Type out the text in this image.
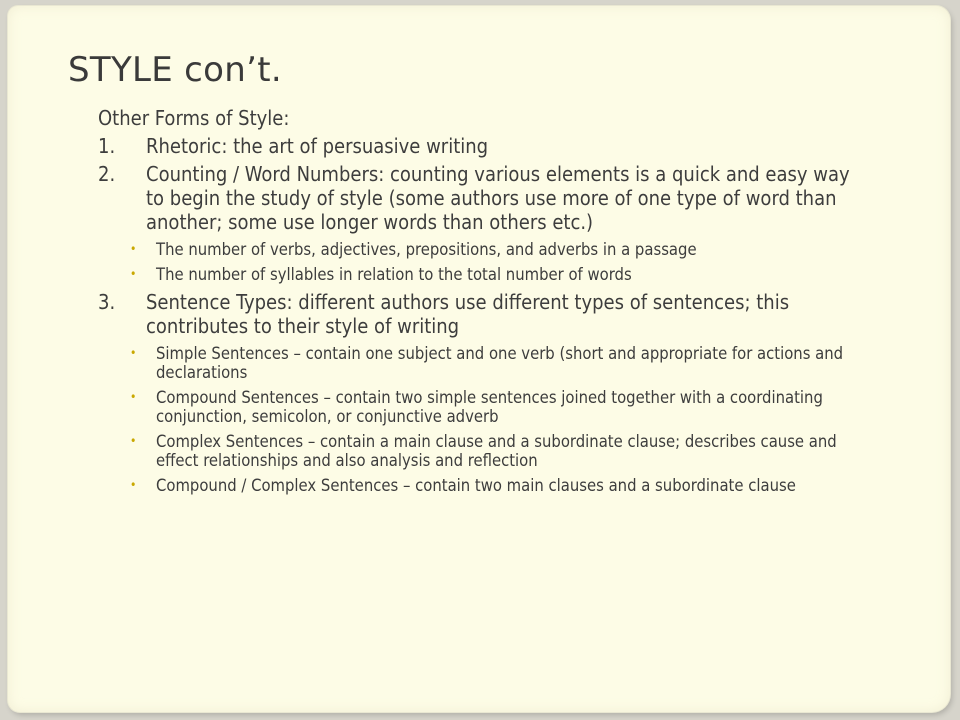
STYLE con’t.
Other Forms of Style:
1. Rhetoric: the art of persuasive writing
2. Counting / Word Numbers: counting various elements is a quick and easy way to begin the study of style (some authors use more of one type of word than another; some use longer words than others etc.)
• The number of verbs, adjectives, prepositions, and adverbs in a passage
• The number of syllables in relation to the total number of words
3. Sentence Types: different authors use different types of sentences; this contributes to their style of writing
• Simple Sentences – contain one subject and one verb (short and appropriate for actions and declarations
• Compound Sentences – contain two simple sentences joined together with a coordinating conjunction, semicolon, or conjunctive adverb
• Complex Sentences – contain a main clause and a subordinate clause; describes cause and effect relationships and also analysis and reflection
• Compound / Complex Sentences – contain two main clauses and a subordinate clause
